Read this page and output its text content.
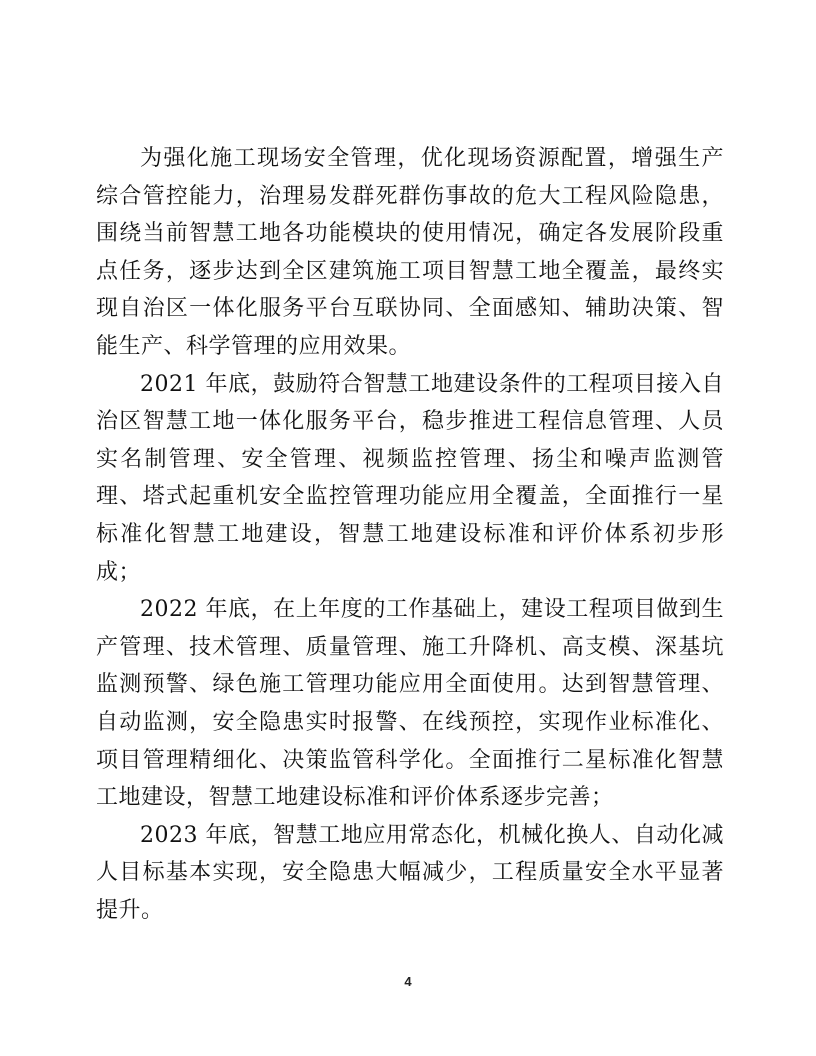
为强化施工现场安全管理，优化现场资源配置，增强生产综合管控能力，治理易发群死群伤事故的危大工程风险隐患，围绕当前智慧工地各功能模块的使用情况，确定各发展阶段重点任务，逐步达到全区建筑施工项目智慧工地全覆盖，最终实现自治区一体化服务平台互联协同、全面感知、辅助决策、智能生产、科学管理的应用效果。

2021 年底，鼓励符合智慧工地建设条件的工程项目接入自治区智慧工地一体化服务平台，稳步推进工程信息管理、人员实名制管理、安全管理、视频监控管理、扬尘和噪声监测管理、塔式起重机安全监控管理功能应用全覆盖，全面推行一星标准化智慧工地建设，智慧工地建设标准和评价体系初步形成；

2022 年底，在上年度的工作基础上，建设工程项目做到生产管理、技术管理、质量管理、施工升降机、高支模、深基坑监测预警、绿色施工管理功能应用全面使用。达到智慧管理、自动监测，安全隐患实时报警、在线预控，实现作业标准化、项目管理精细化、决策监管科学化。全面推行二星标准化智慧工地建设，智慧工地建设标准和评价体系逐步完善；

2023 年底，智慧工地应用常态化，机械化换人、自动化减人目标基本实现，安全隐患大幅减少，工程质量安全水平显著提升。

4
